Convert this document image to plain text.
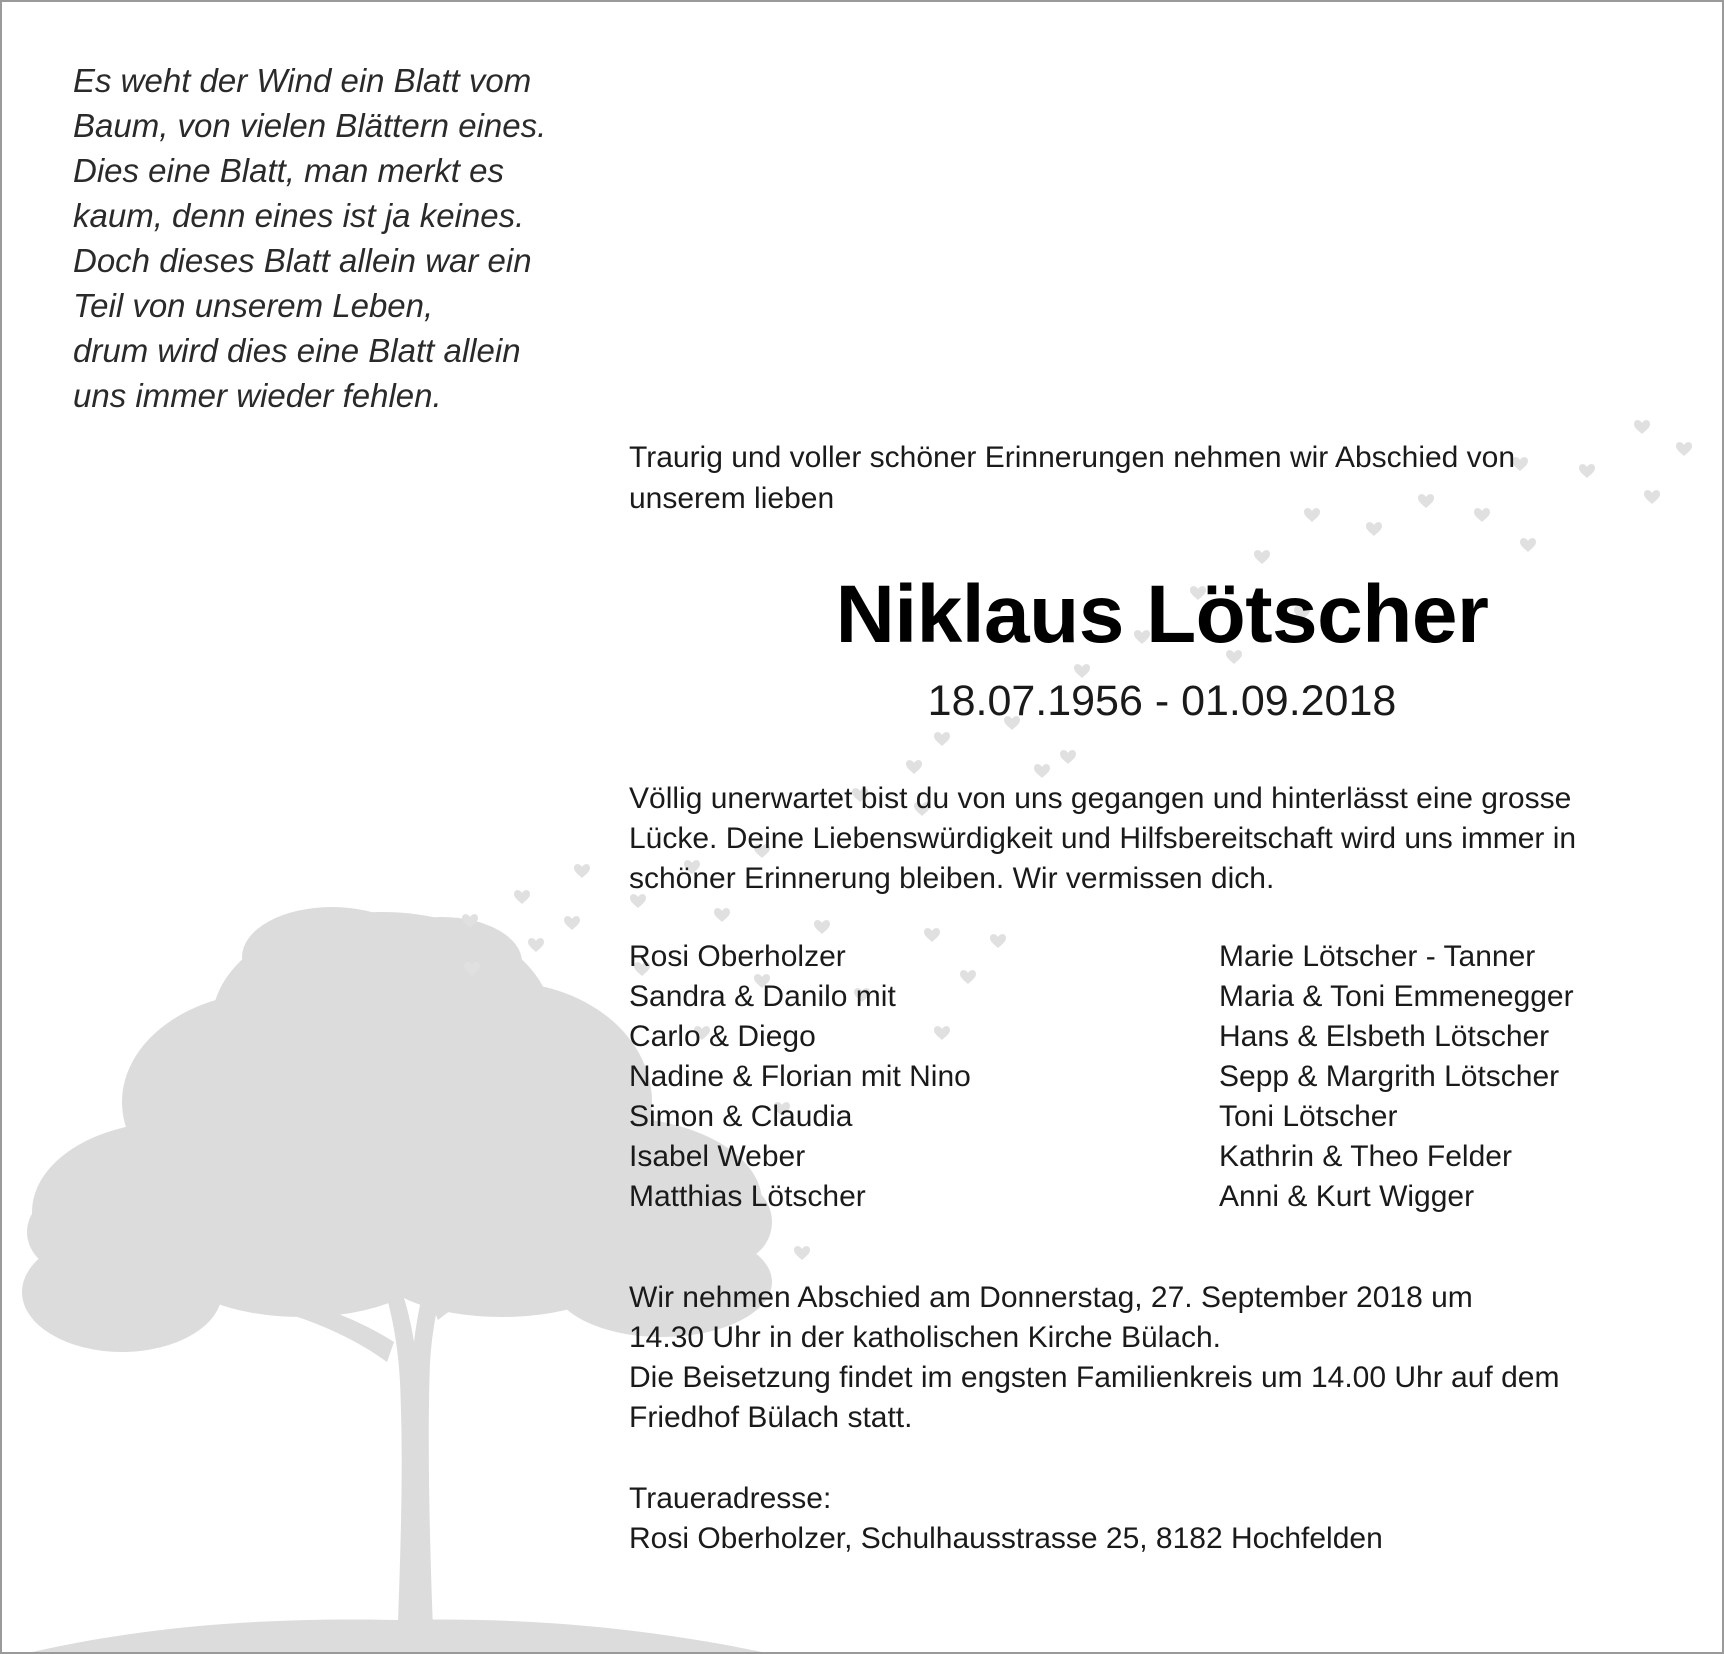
Es weht der Wind ein Blatt vom
Baum, von vielen Blättern eines.
Dies eine Blatt, man merkt es
kaum, denn eines ist ja keines.
Doch dieses Blatt allein war ein
Teil von unserem Leben,
drum wird dies eine Blatt allein
uns immer wieder fehlen.
Traurig und voller schöner Erinnerungen nehmen wir Abschied von
unserem lieben
Niklaus Lötscher
18.07.1956 - 01.09.2018
Völlig unerwartet bist du von uns gegangen und hinterlässt eine grosse
Lücke. Deine Liebenswürdigkeit und Hilfsbereitschaft wird uns immer in
schöner Erinnerung bleiben. Wir vermissen dich.
Rosi Oberholzer
Sandra & Danilo mit
Carlo & Diego
Nadine & Florian mit Nino
Simon & Claudia
Isabel Weber
Matthias Lötscher
Marie Lötscher - Tanner
Maria & Toni Emmenegger
Hans & Elsbeth Lötscher
Sepp & Margrith Lötscher
Toni Lötscher
Kathrin & Theo Felder
Anni & Kurt Wigger
Wir nehmen Abschied am Donnerstag, 27. September 2018 um
14.30 Uhr in der katholischen Kirche Bülach.
Die Beisetzung findet im engsten Familienkreis um 14.00 Uhr auf dem
Friedhof Bülach statt.
Traueradresse:
Rosi Oberholzer, Schulhausstrasse 25, 8182 Hochfelden
